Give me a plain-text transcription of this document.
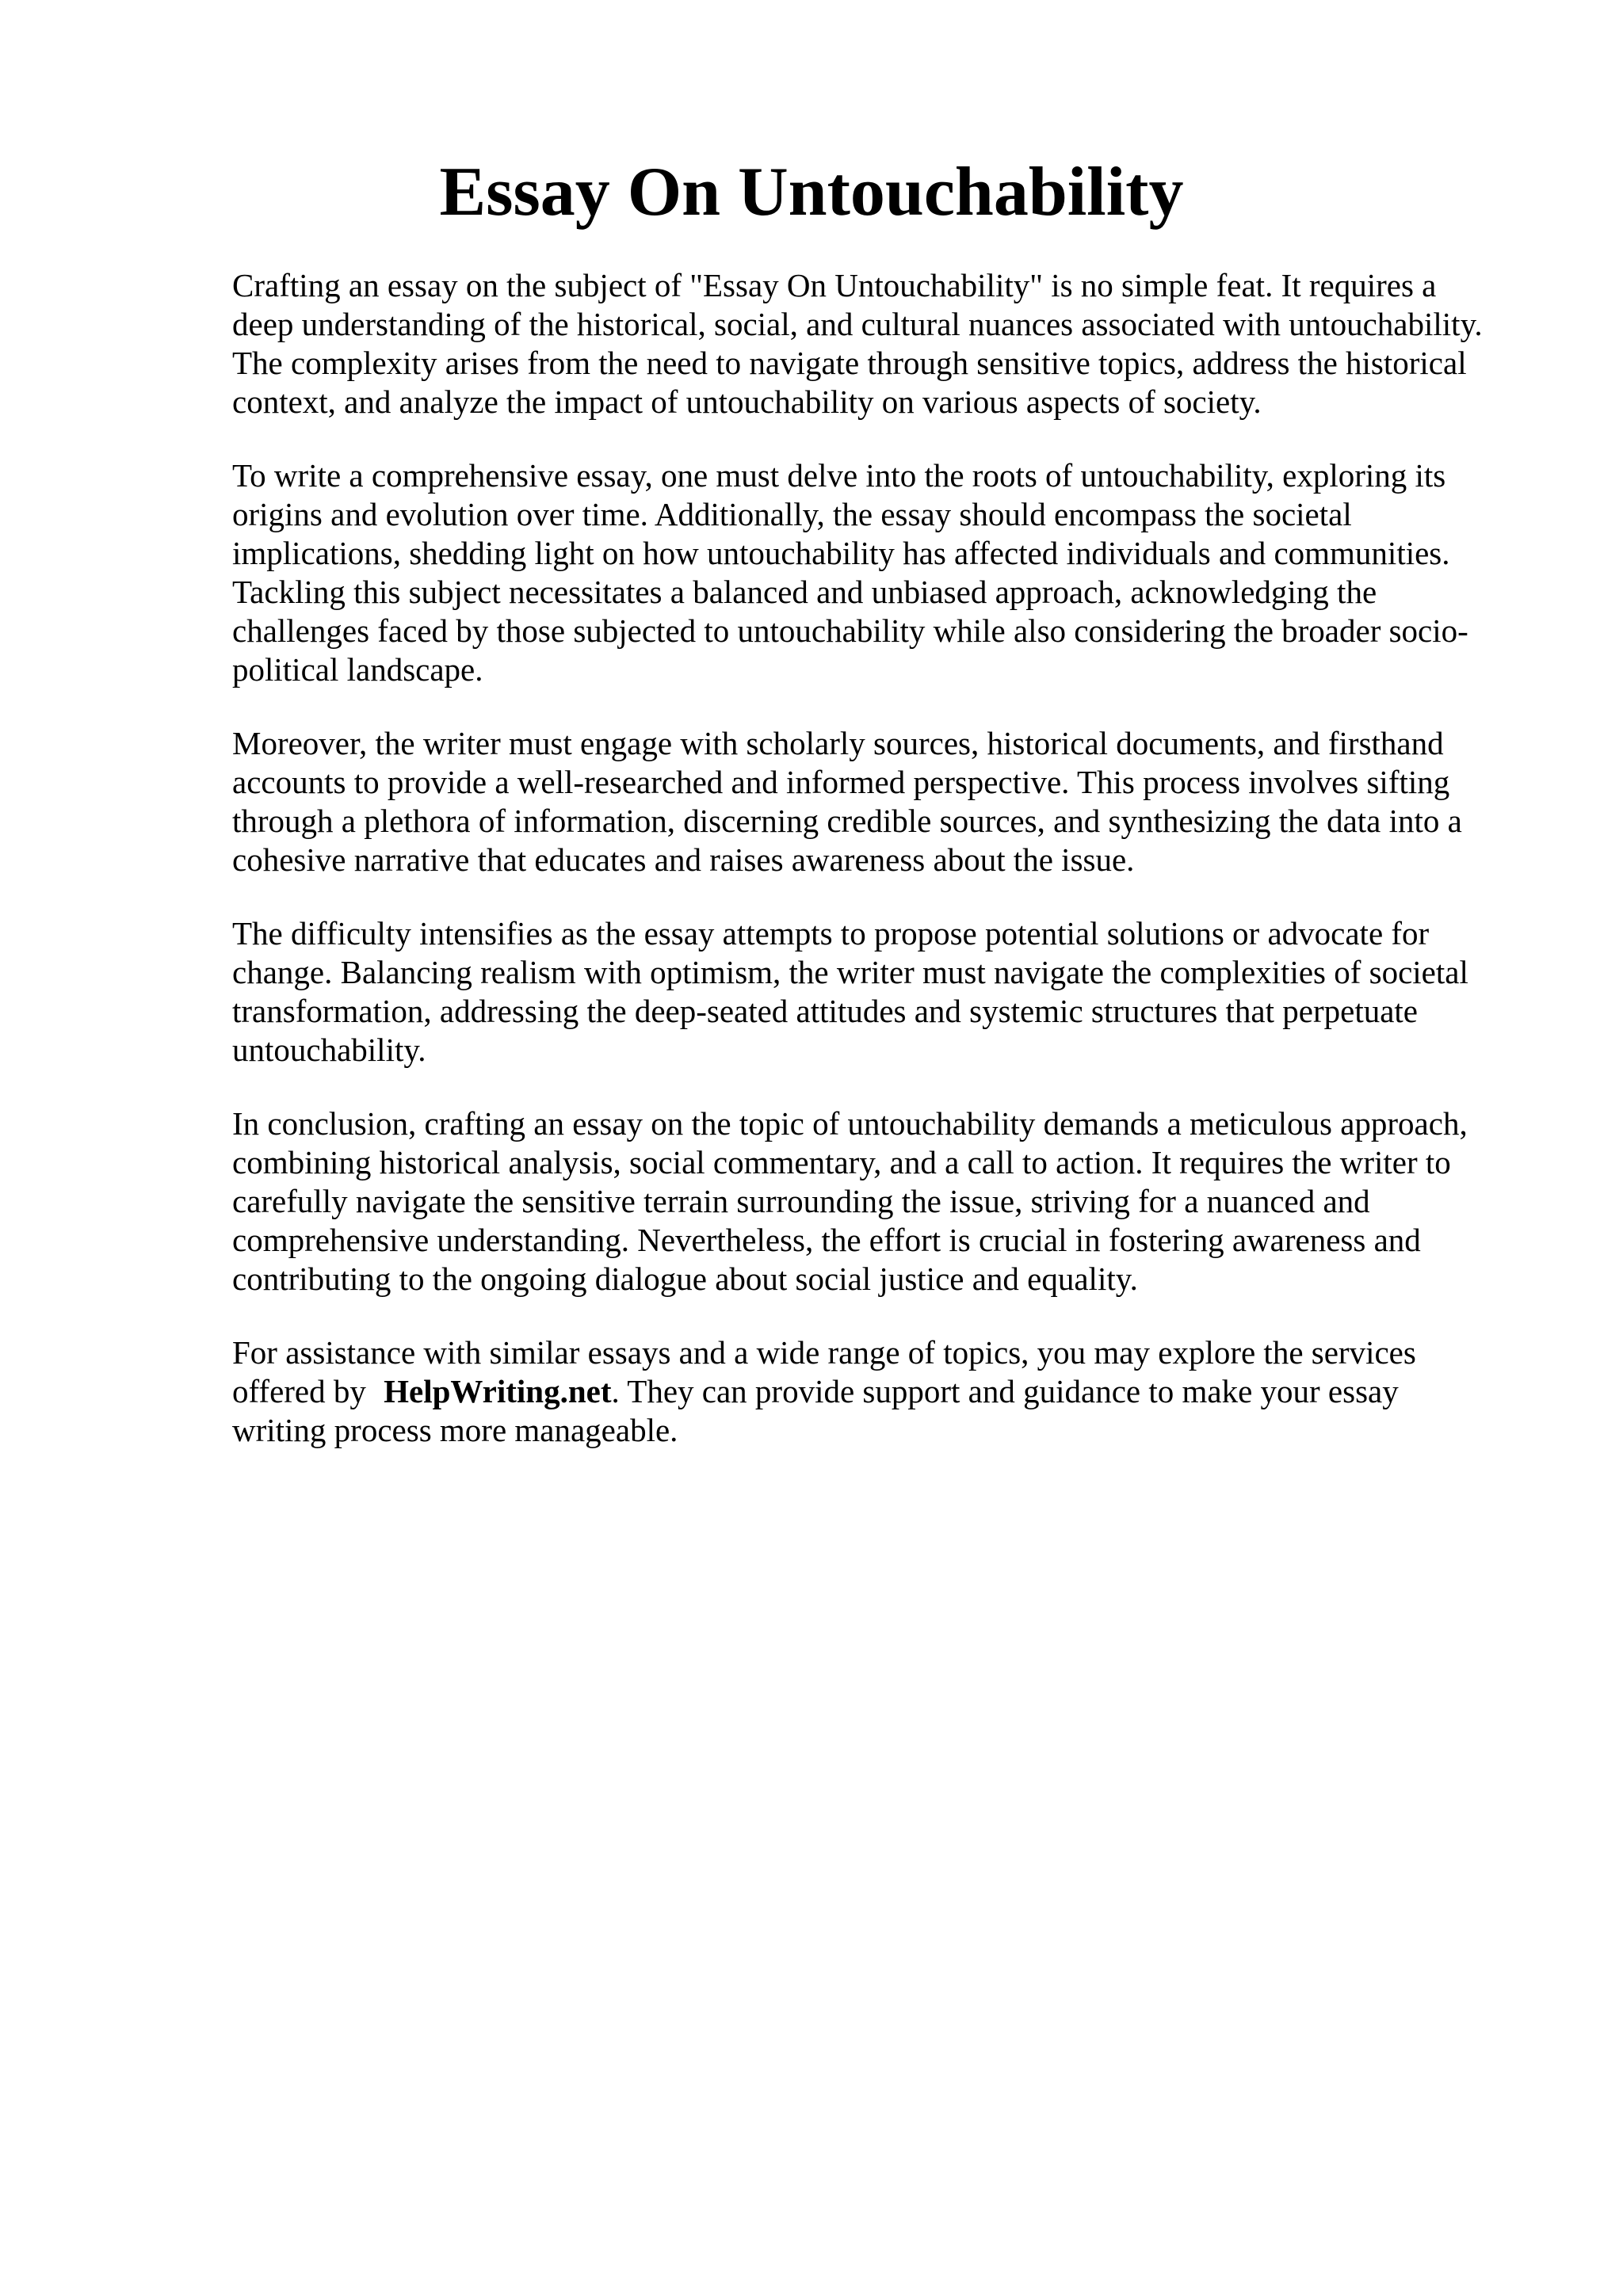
Essay On Untouchability

Crafting an essay on the subject of "Essay On Untouchability" is no simple feat. It requires a
deep understanding of the historical, social, and cultural nuances associated with untouchability.
The complexity arises from the need to navigate through sensitive topics, address the historical
context, and analyze the impact of untouchability on various aspects of society.

To write a comprehensive essay, one must delve into the roots of untouchability, exploring its
origins and evolution over time. Additionally, the essay should encompass the societal
implications, shedding light on how untouchability has affected individuals and communities.
Tackling this subject necessitates a balanced and unbiased approach, acknowledging the
challenges faced by those subjected to untouchability while also considering the broader socio-
political landscape.

Moreover, the writer must engage with scholarly sources, historical documents, and firsthand
accounts to provide a well-researched and informed perspective. This process involves sifting
through a plethora of information, discerning credible sources, and synthesizing the data into a
cohesive narrative that educates and raises awareness about the issue.

The difficulty intensifies as the essay attempts to propose potential solutions or advocate for
change. Balancing realism with optimism, the writer must navigate the complexities of societal
transformation, addressing the deep-seated attitudes and systemic structures that perpetuate
untouchability.

In conclusion, crafting an essay on the topic of untouchability demands a meticulous approach,
combining historical analysis, social commentary, and a call to action. It requires the writer to
carefully navigate the sensitive terrain surrounding the issue, striving for a nuanced and
comprehensive understanding. Nevertheless, the effort is crucial in fostering awareness and
contributing to the ongoing dialogue about social justice and equality.

For assistance with similar essays and a wide range of topics, you may explore the services
offered by HelpWriting.net. They can provide support and guidance to make your essay
writing process more manageable.
